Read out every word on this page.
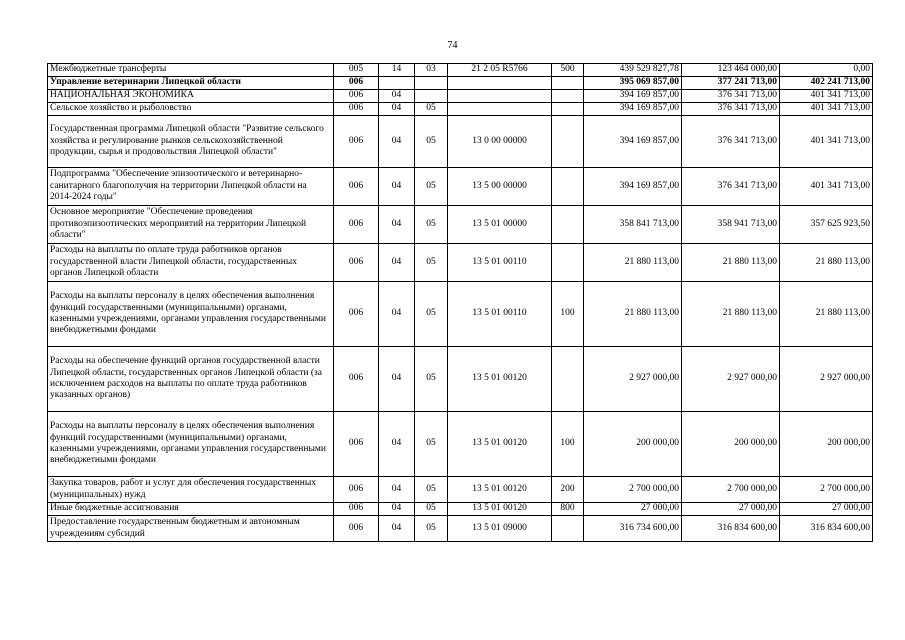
74
Межбюджетные трансферты	005	14	03	21 2 05 R5766	500	439 529 827,78	123 464 000,00	0,00
Управление ветеринарии Липецкой области	006					395 069 857,00	377 241 713,00	402 241 713,00
НАЦИОНАЛЬНАЯ ЭКОНОМИКА	006	04				394 169 857,00	376 341 713,00	401 341 713,00
Сельское хозяйство и рыболовство	006	04	05			394 169 857,00	376 341 713,00	401 341 713,00
Государственная программа Липецкой области "Развитие сельского хозяйства и регулирование рынков сельскохозяйственной продукции, сырья и продовольствия Липецкой области"	006	04	05	13 0 00 00000		394 169 857,00	376 341 713,00	401 341 713,00
Подпрограмма "Обеспечение эпизоотического и ветеринарно-санитарного благополучия на территории Липецкой области на 2014-2024 годы"	006	04	05	13 5 00 00000		394 169 857,00	376 341 713,00	401 341 713,00
Основное мероприятие "Обеспечение проведения противоэпизоотических мероприятий на территории Липецкой области"	006	04	05	13 5 01 00000		358 841 713,00	358 941 713,00	357 625 923,50
Расходы на выплаты по оплате труда работников органов государственной власти Липецкой области, государственных органов Липецкой области	006	04	05	13 5 01 00110		21 880 113,00	21 880 113,00	21 880 113,00
Расходы на выплаты персоналу в целях обеспечения выполнения функций государственными (муниципальными) органами, казенными учреждениями, органами управления государственными внебюджетными фондами	006	04	05	13 5 01 00110	100	21 880 113,00	21 880 113,00	21 880 113,00
Расходы на обеспечение функций органов государственной власти Липецкой области, государственных органов Липецкой области (за исключением расходов на выплаты по оплате труда работников указанных органов)	006	04	05	13 5 01 00120		2 927 000,00	2 927 000,00	2 927 000,00
Расходы на выплаты персоналу в целях обеспечения выполнения функций государственными (муниципальными) органами, казенными учреждениями, органами управления государственными внебюджетными фондами	006	04	05	13 5 01 00120	100	200 000,00	200 000,00	200 000,00
Закупка товаров, работ и услуг для обеспечения государственных (муниципальных) нужд	006	04	05	13 5 01 00120	200	2 700 000,00	2 700 000,00	2 700 000,00
Иные бюджетные ассигнования	006	04	05	13 5 01 00120	800	27 000,00	27 000,00	27 000,00
Предоставление государственным бюджетным и автономным учреждениям субсидий	006	04	05	13 5 01 09000		316 734 600,00	316 834 600,00	316 834 600,00
